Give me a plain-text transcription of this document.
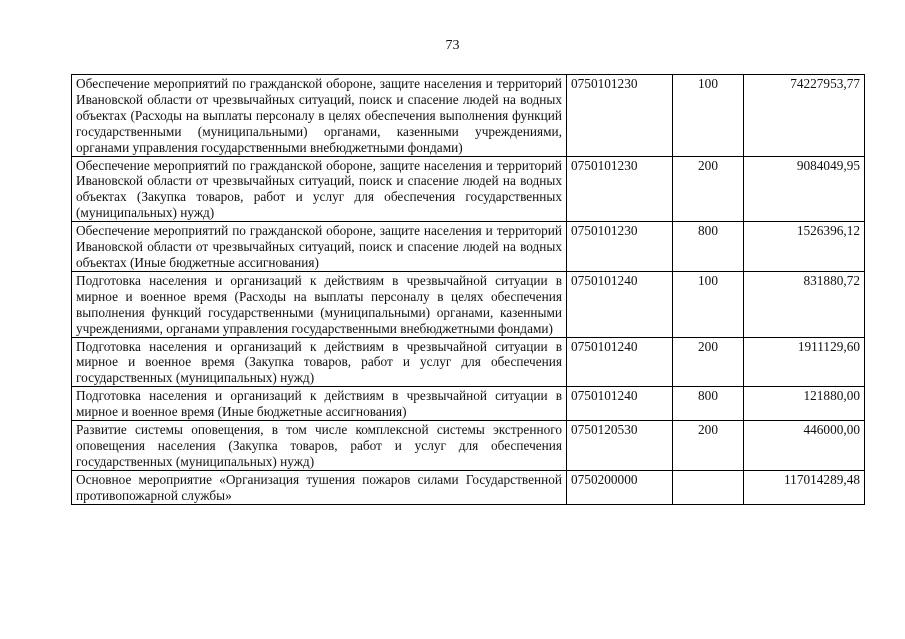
73
Обеспечение мероприятий по гражданской обороне, защите населения и территорий Ивановской области от чрезвычайных ситуаций, поиск и спасение людей на водных объектах (Расходы на выплаты персоналу в целях обеспечения выполнения функций государственными (муниципальными) органами, казенными учреждениями, органами управления государственными внебюджетными фондами)	0750101230	100	74227953,77
Обеспечение мероприятий по гражданской обороне, защите населения и территорий Ивановской области от чрезвычайных ситуаций, поиск и спасение людей на водных объектах (Закупка товаров, работ и услуг для обеспечения государственных (муниципальных) нужд)	0750101230	200	9084049,95
Обеспечение мероприятий по гражданской обороне, защите населения и территорий Ивановской области от чрезвычайных ситуаций, поиск и спасение людей на водных объектах (Иные бюджетные ассигнования)	0750101230	800	1526396,12
Подготовка населения и организаций к действиям в чрезвычайной ситуации в мирное и военное время (Расходы на выплаты персоналу в целях обеспечения выполнения функций государственными (муниципальными) органами, казенными учреждениями, органами управления государственными внебюджетными фондами)	0750101240	100	831880,72
Подготовка населения и организаций к действиям в чрезвычайной ситуации в мирное и военное время (Закупка товаров, работ и услуг для обеспечения государственных (муниципальных) нужд)	0750101240	200	1911129,60
Подготовка населения и организаций к действиям в чрезвычайной ситуации в мирное и военное время (Иные бюджетные ассигнования)	0750101240	800	121880,00
Развитие системы оповещения, в том числе комплексной системы экстренного оповещения населения (Закупка товаров, работ и услуг для обеспечения государственных (муниципальных) нужд)	0750120530	200	446000,00
Основное мероприятие «Организация тушения пожаров силами Государственной противопожарной службы»	0750200000		117014289,48
